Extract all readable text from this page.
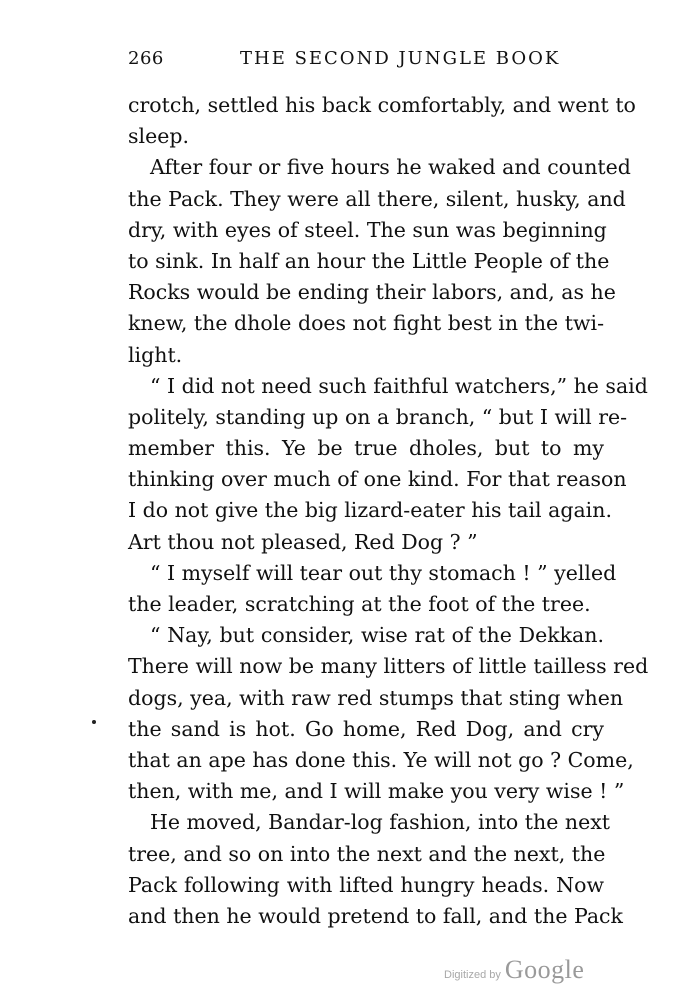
266	THE SECOND JUNGLE BOOK
crotch, settled his back comfortably, and went to
sleep.
After four or five hours he waked and counted
the Pack. They were all there, silent, husky, and
dry, with eyes of steel. The sun was beginning
to sink. In half an hour the Little People of the
Rocks would be ending their labors, and, as he
knew, the dhole does not fight best in the twi-
light.
“ I did not need such faithful watchers,” he said
politely, standing up on a branch, “ but I will re-
member this. Ye be true dholes, but to my
thinking over much of one kind. For that reason
I do not give the big lizard-eater his tail again.
Art thou not pleased, Red Dog ? ”
“ I myself will tear out thy stomach ! ” yelled
the leader, scratching at the foot of the tree.
“ Nay, but consider, wise rat of the Dekkan.
There will now be many litters of little tailless red
dogs, yea, with raw red stumps that sting when
the sand is hot. Go home, Red Dog, and cry
that an ape has done this. Ye will not go ? Come,
then, with me, and I will make you very wise ! ”
He moved, Bandar-log fashion, into the next
tree, and so on into the next and the next, the
Pack following with lifted hungry heads. Now
and then he would pretend to fall, and the Pack
Digitized by Google
